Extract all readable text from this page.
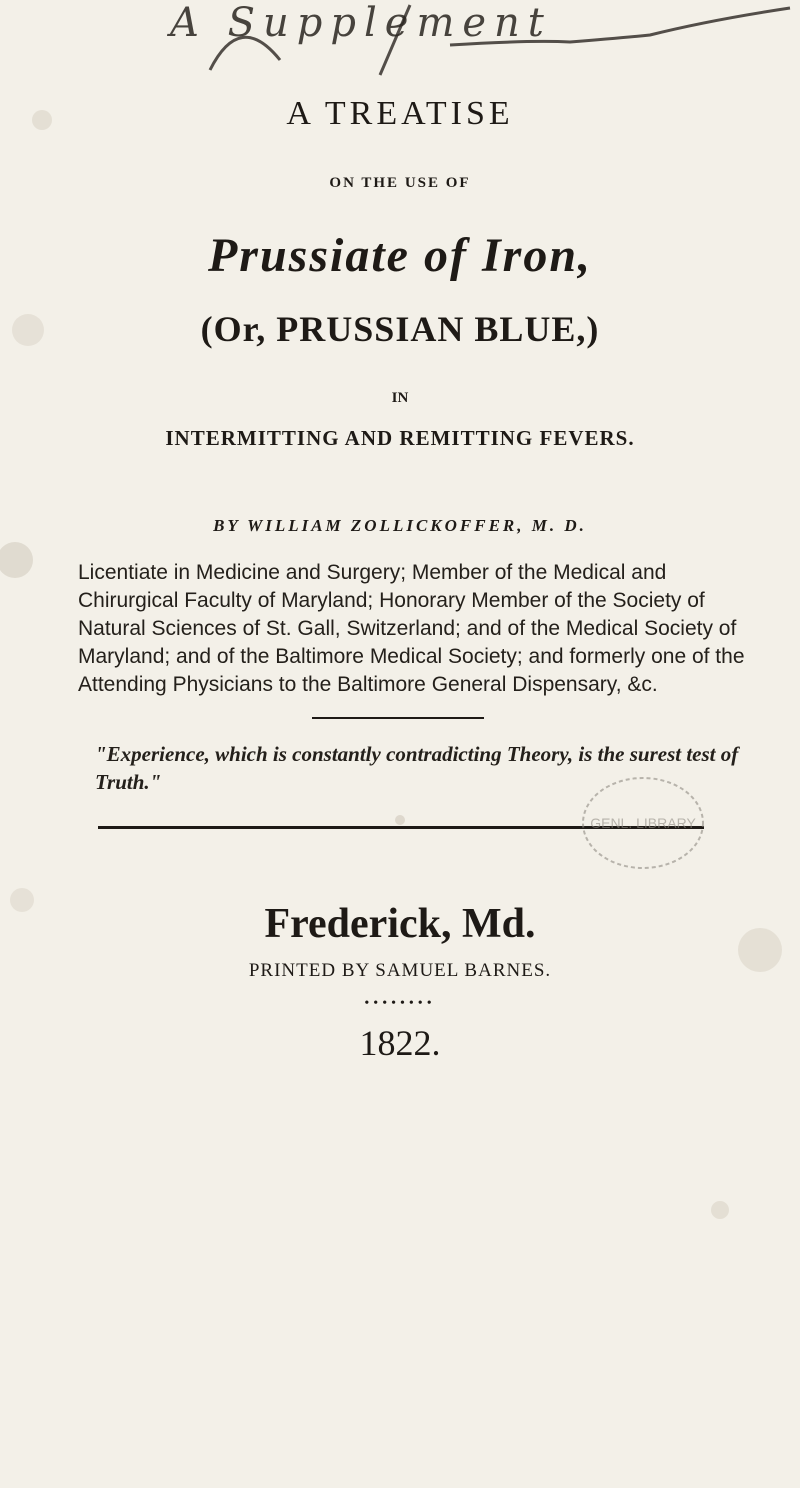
A Supplement
A TREATISE
ON THE USE OF
Prussiate of Iron,
(Or, PRUSSIAN BLUE,)
IN
INTERMITTING AND REMITTING FEVERS.
BY WILLIAM ZOLLICKOFFER, M. D.
Licentiate in Medicine and Surgery; Member of the Medical and Chirurgical Faculty of Maryland; Honorary Member of the Society of Natural Sciences of St. Gall, Switzerland; and of the Medical Society of Maryland; and of the Baltimore Medical Society; and formerly one of the Attending Physicians to the Baltimore General Dispensary, &c.
"Experience, which is constantly contradicting Theory, is the surest test of Truth."
GENL. LIBRARY
Frederick, Md.
PRINTED BY SAMUEL BARNES.
••••••••
1822.
